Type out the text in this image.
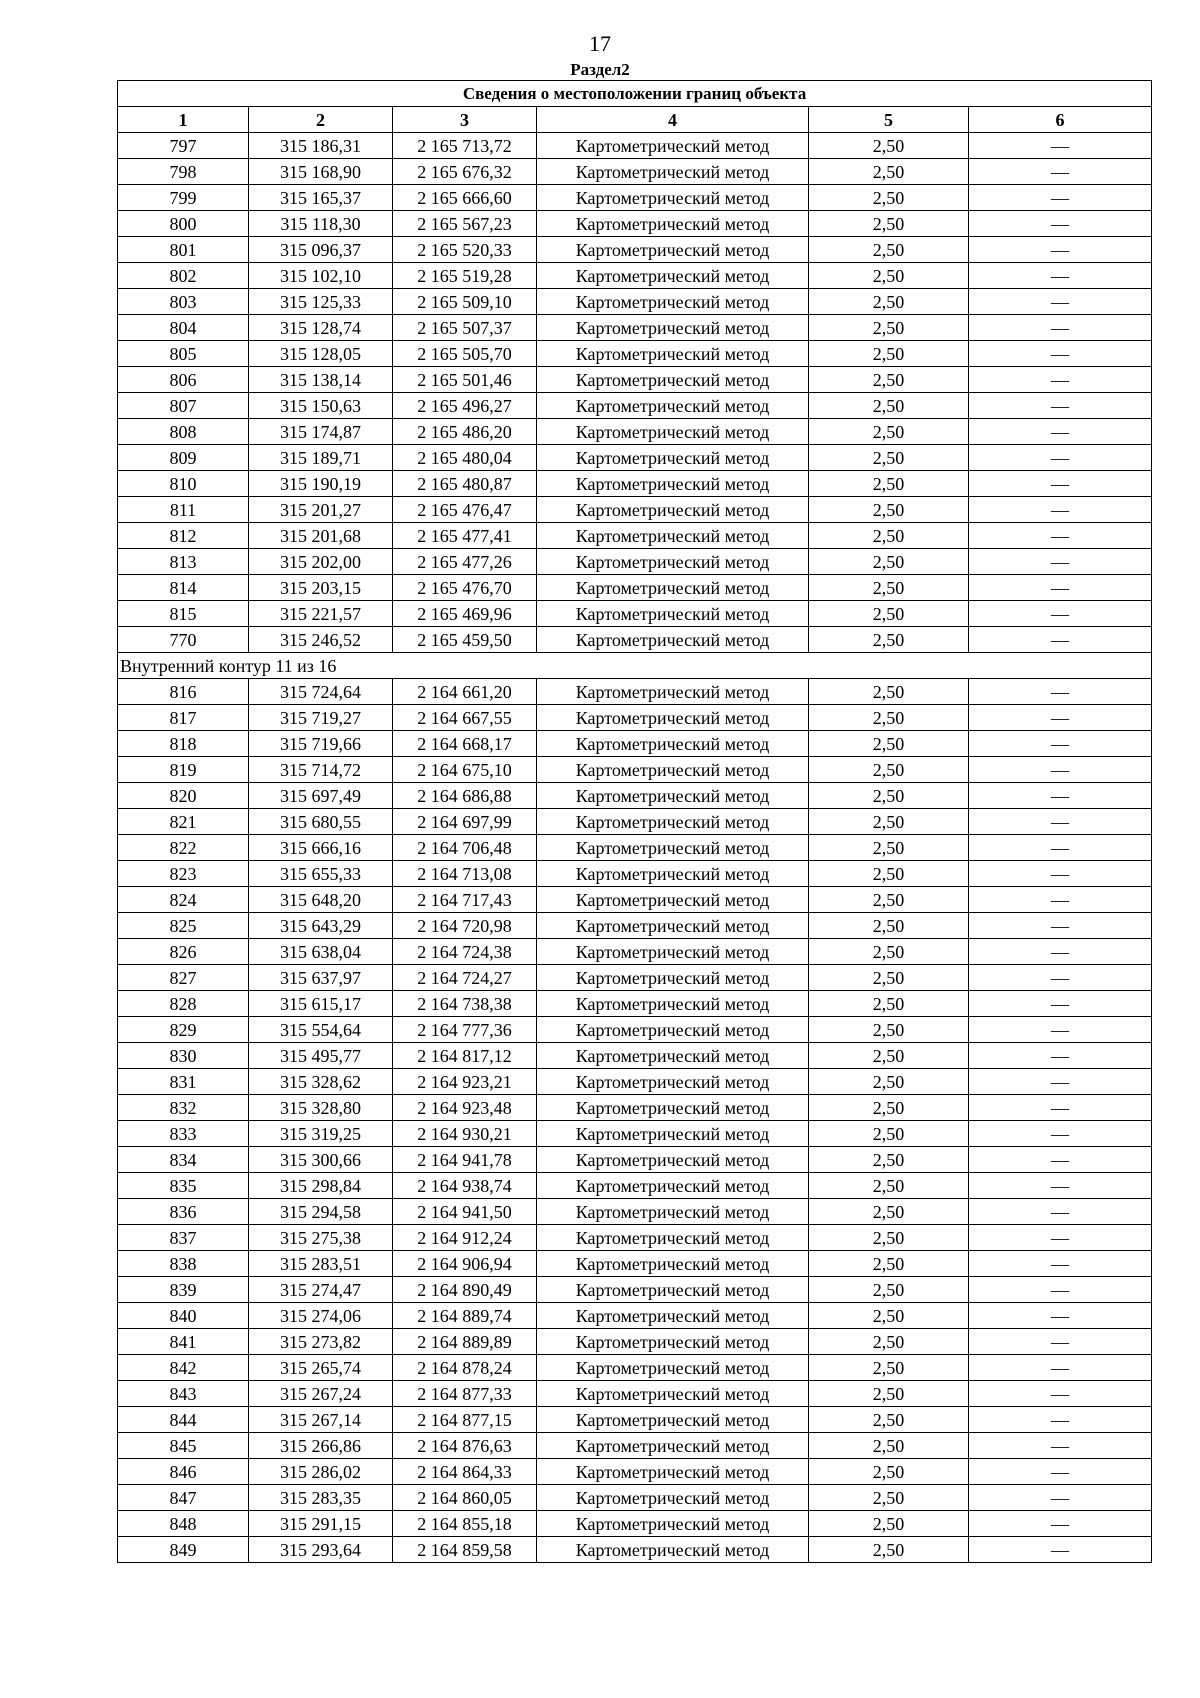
17
Раздел2
Сведения о местоположении границ объекта					
1	2	3	4	5	6
797	315 186,31	2 165 713,72	Картометрический метод	2,50	—
798	315 168,90	2 165 676,32	Картометрический метод	2,50	—
799	315 165,37	2 165 666,60	Картометрический метод	2,50	—
800	315 118,30	2 165 567,23	Картометрический метод	2,50	—
801	315 096,37	2 165 520,33	Картометрический метод	2,50	—
802	315 102,10	2 165 519,28	Картометрический метод	2,50	—
803	315 125,33	2 165 509,10	Картометрический метод	2,50	—
804	315 128,74	2 165 507,37	Картометрический метод	2,50	—
805	315 128,05	2 165 505,70	Картометрический метод	2,50	—
806	315 138,14	2 165 501,46	Картометрический метод	2,50	—
807	315 150,63	2 165 496,27	Картометрический метод	2,50	—
808	315 174,87	2 165 486,20	Картометрический метод	2,50	—
809	315 189,71	2 165 480,04	Картометрический метод	2,50	—
810	315 190,19	2 165 480,87	Картометрический метод	2,50	—
811	315 201,27	2 165 476,47	Картометрический метод	2,50	—
812	315 201,68	2 165 477,41	Картометрический метод	2,50	—
813	315 202,00	2 165 477,26	Картометрический метод	2,50	—
814	315 203,15	2 165 476,70	Картометрический метод	2,50	—
815	315 221,57	2 165 469,96	Картометрический метод	2,50	—
770	315 246,52	2 165 459,50	Картометрический метод	2,50	—
Внутренний контур 11 из 16					
816	315 724,64	2 164 661,20	Картометрический метод	2,50	—
817	315 719,27	2 164 667,55	Картометрический метод	2,50	—
818	315 719,66	2 164 668,17	Картометрический метод	2,50	—
819	315 714,72	2 164 675,10	Картометрический метод	2,50	—
820	315 697,49	2 164 686,88	Картометрический метод	2,50	—
821	315 680,55	2 164 697,99	Картометрический метод	2,50	—
822	315 666,16	2 164 706,48	Картометрический метод	2,50	—
823	315 655,33	2 164 713,08	Картометрический метод	2,50	—
824	315 648,20	2 164 717,43	Картометрический метод	2,50	—
825	315 643,29	2 164 720,98	Картометрический метод	2,50	—
826	315 638,04	2 164 724,38	Картометрический метод	2,50	—
827	315 637,97	2 164 724,27	Картометрический метод	2,50	—
828	315 615,17	2 164 738,38	Картометрический метод	2,50	—
829	315 554,64	2 164 777,36	Картометрический метод	2,50	—
830	315 495,77	2 164 817,12	Картометрический метод	2,50	—
831	315 328,62	2 164 923,21	Картометрический метод	2,50	—
832	315 328,80	2 164 923,48	Картометрический метод	2,50	—
833	315 319,25	2 164 930,21	Картометрический метод	2,50	—
834	315 300,66	2 164 941,78	Картометрический метод	2,50	—
835	315 298,84	2 164 938,74	Картометрический метод	2,50	—
836	315 294,58	2 164 941,50	Картометрический метод	2,50	—
837	315 275,38	2 164 912,24	Картометрический метод	2,50	—
838	315 283,51	2 164 906,94	Картометрический метод	2,50	—
839	315 274,47	2 164 890,49	Картометрический метод	2,50	—
840	315 274,06	2 164 889,74	Картометрический метод	2,50	—
841	315 273,82	2 164 889,89	Картометрический метод	2,50	—
842	315 265,74	2 164 878,24	Картометрический метод	2,50	—
843	315 267,24	2 164 877,33	Картометрический метод	2,50	—
844	315 267,14	2 164 877,15	Картометрический метод	2,50	—
845	315 266,86	2 164 876,63	Картометрический метод	2,50	—
846	315 286,02	2 164 864,33	Картометрический метод	2,50	—
847	315 283,35	2 164 860,05	Картометрический метод	2,50	—
848	315 291,15	2 164 855,18	Картометрический метод	2,50	—
849	315 293,64	2 164 859,58	Картометрический метод	2,50	—
